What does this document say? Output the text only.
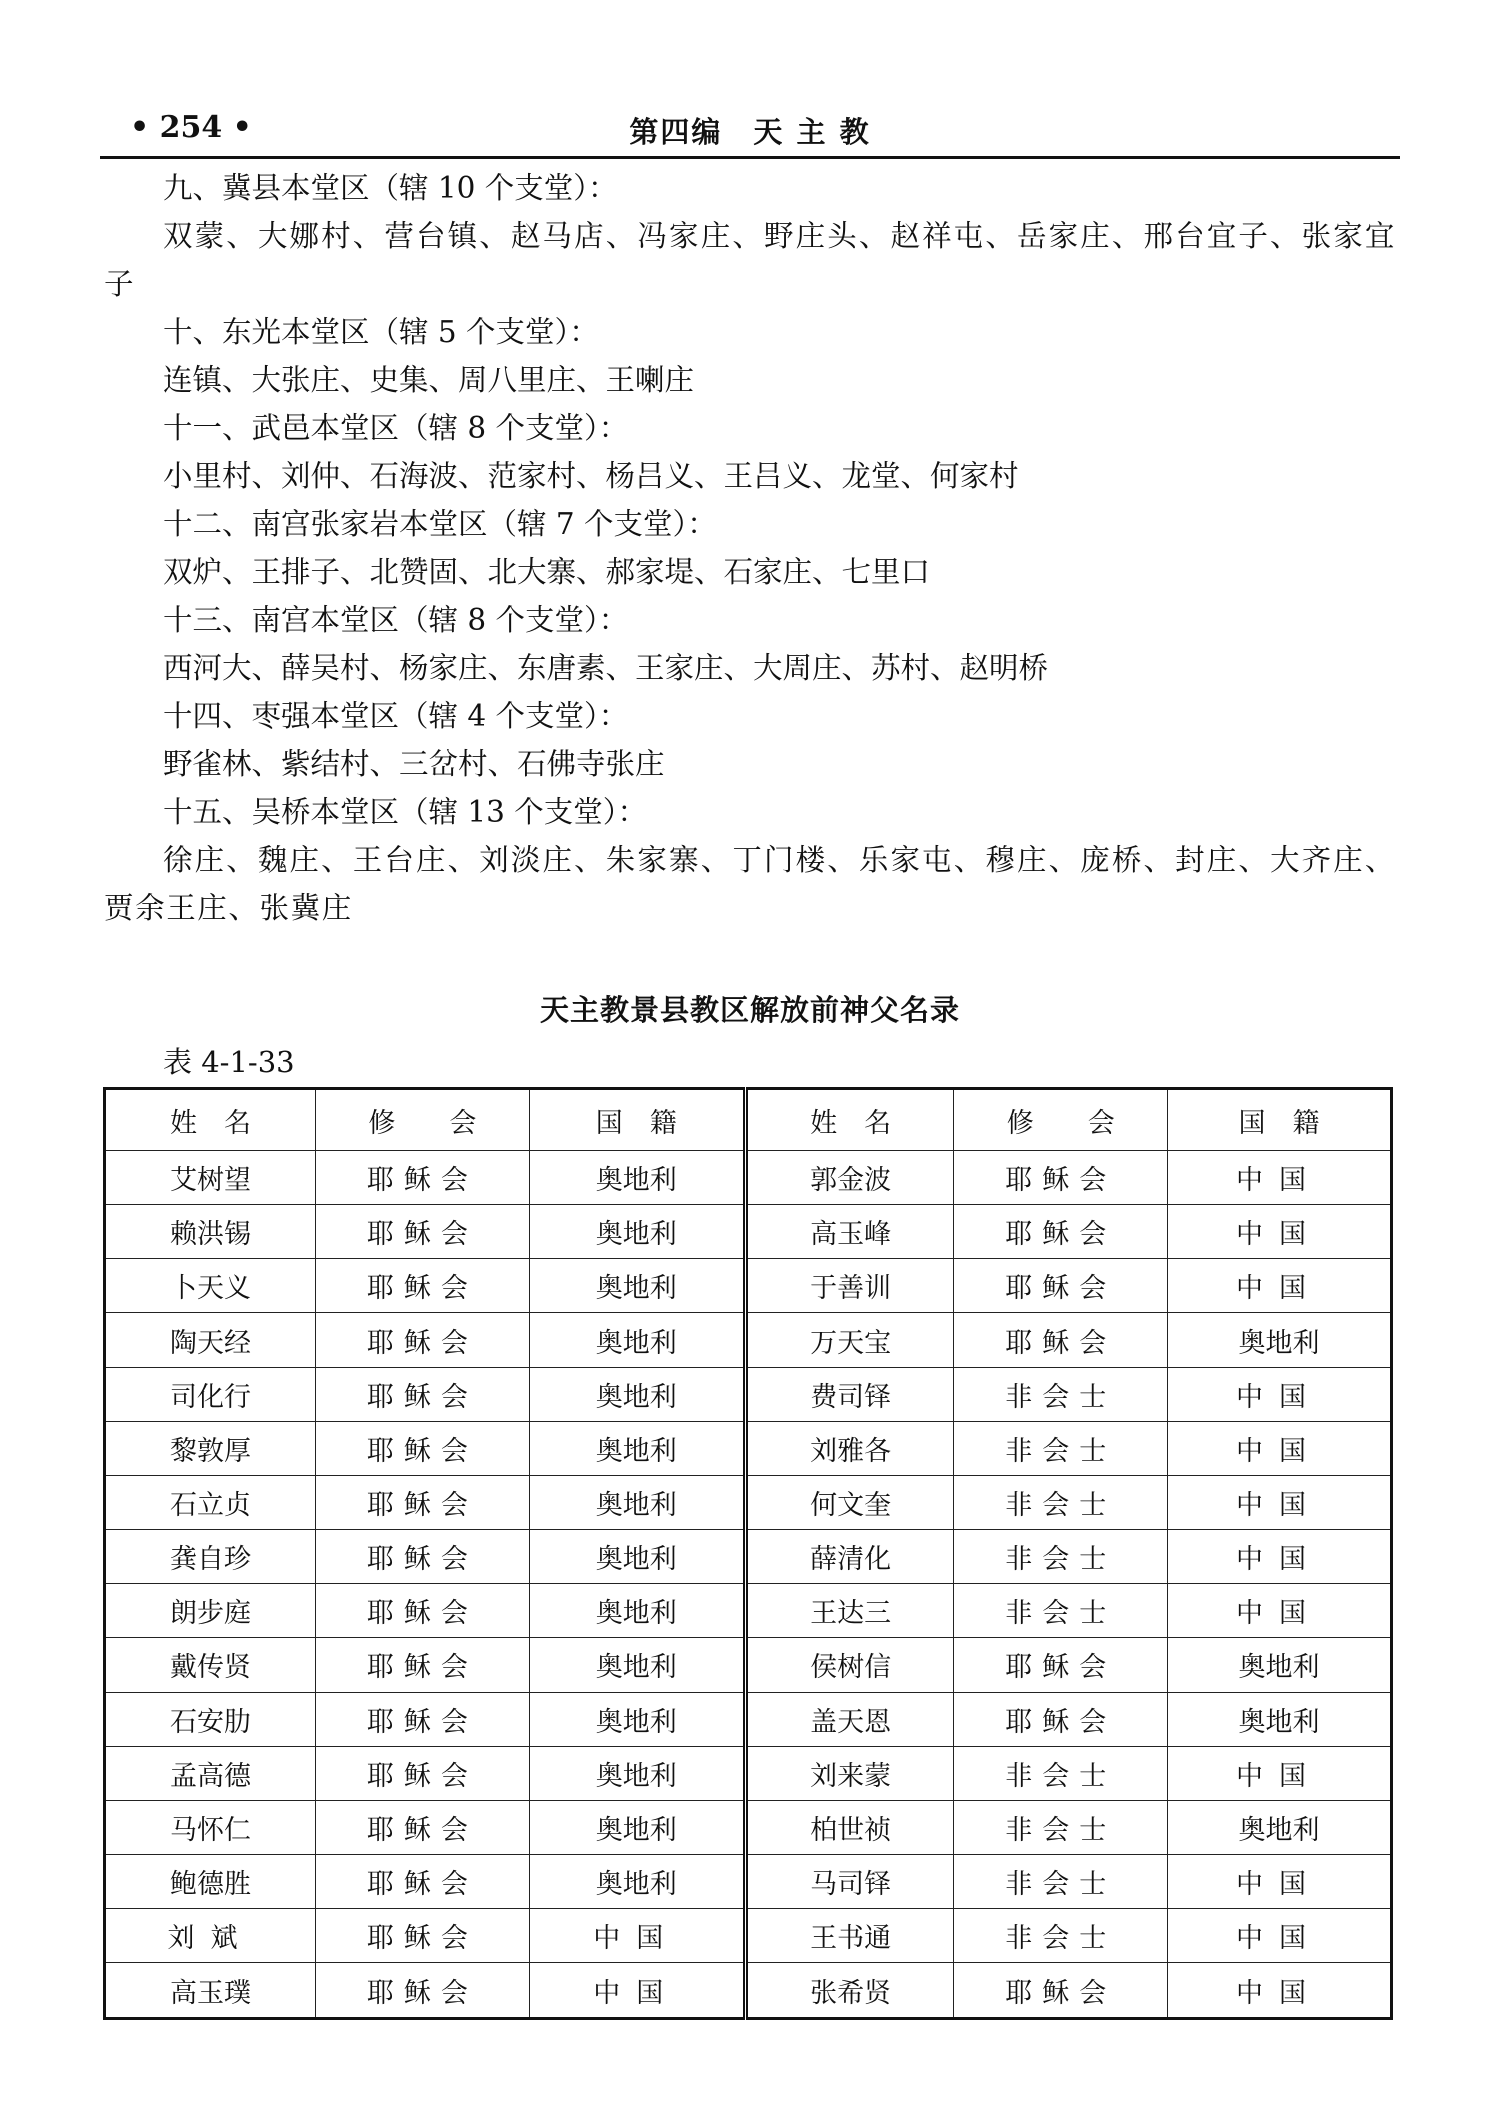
• 254 •	第四编　天 主 教
九、冀县本堂区（辖 10 个支堂）：
双蒙、大娜村、营台镇、赵马店、冯家庄、野庄头、赵祥屯、岳家庄、邢台宜子、张家宜子
十、东光本堂区（辖 5 个支堂）：
连镇、大张庄、史集、周八里庄、王喇庄
十一、武邑本堂区（辖 8 个支堂）：
小里村、刘仲、石海波、范家村、杨吕义、王吕义、龙堂、何家村
十二、南宫张家岩本堂区（辖 7 个支堂）：
双炉、王排子、北赞固、北大寨、郝家堤、石家庄、七里口
十三、南宫本堂区（辖 8 个支堂）：
西河大、薛吴村、杨家庄、东唐素、王家庄、大周庄、苏村、赵明桥
十四、枣强本堂区（辖 4 个支堂）：
野雀林、紫结村、三岔村、石佛寺张庄
十五、吴桥本堂区（辖 13 个支堂）：
徐庄、魏庄、王台庄、刘淡庄、朱家寨、丁门楼、乐家屯、穆庄、庞桥、封庄、大齐庄、贾余王庄、张冀庄
天主教景县教区解放前神父名录
表 4-1-33
姓　名	修　　会	国　籍	姓　名	修　　会	国　籍
艾树望	耶稣会	奥地利	郭金波	耶稣会	中国
赖洪锡	耶稣会	奥地利	高玉峰	耶稣会	中国
卜天义	耶稣会	奥地利	于善训	耶稣会	中国
陶天经	耶稣会	奥地利	万天宝	耶稣会	奥地利
司化行	耶稣会	奥地利	费司铎	非会士	中国
黎敦厚	耶稣会	奥地利	刘雅各	非会士	中国
石立贞	耶稣会	奥地利	何文奎	非会士	中国
龚自珍	耶稣会	奥地利	薛清化	非会士	中国
朗步庭	耶稣会	奥地利	王达三	非会士	中国
戴传贤	耶稣会	奥地利	侯树信	耶稣会	奥地利
石安肋	耶稣会	奥地利	盖天恩	耶稣会	奥地利
孟高德	耶稣会	奥地利	刘来蒙	非会士	中国
马怀仁	耶稣会	奥地利	柏世祯	非会士	奥地利
鲍德胜	耶稣会	奥地利	马司铎	非会士	中国
刘斌	耶稣会	中国	王书通	非会士	中国
高玉璞	耶稣会	中国	张希贤	耶稣会	中国
